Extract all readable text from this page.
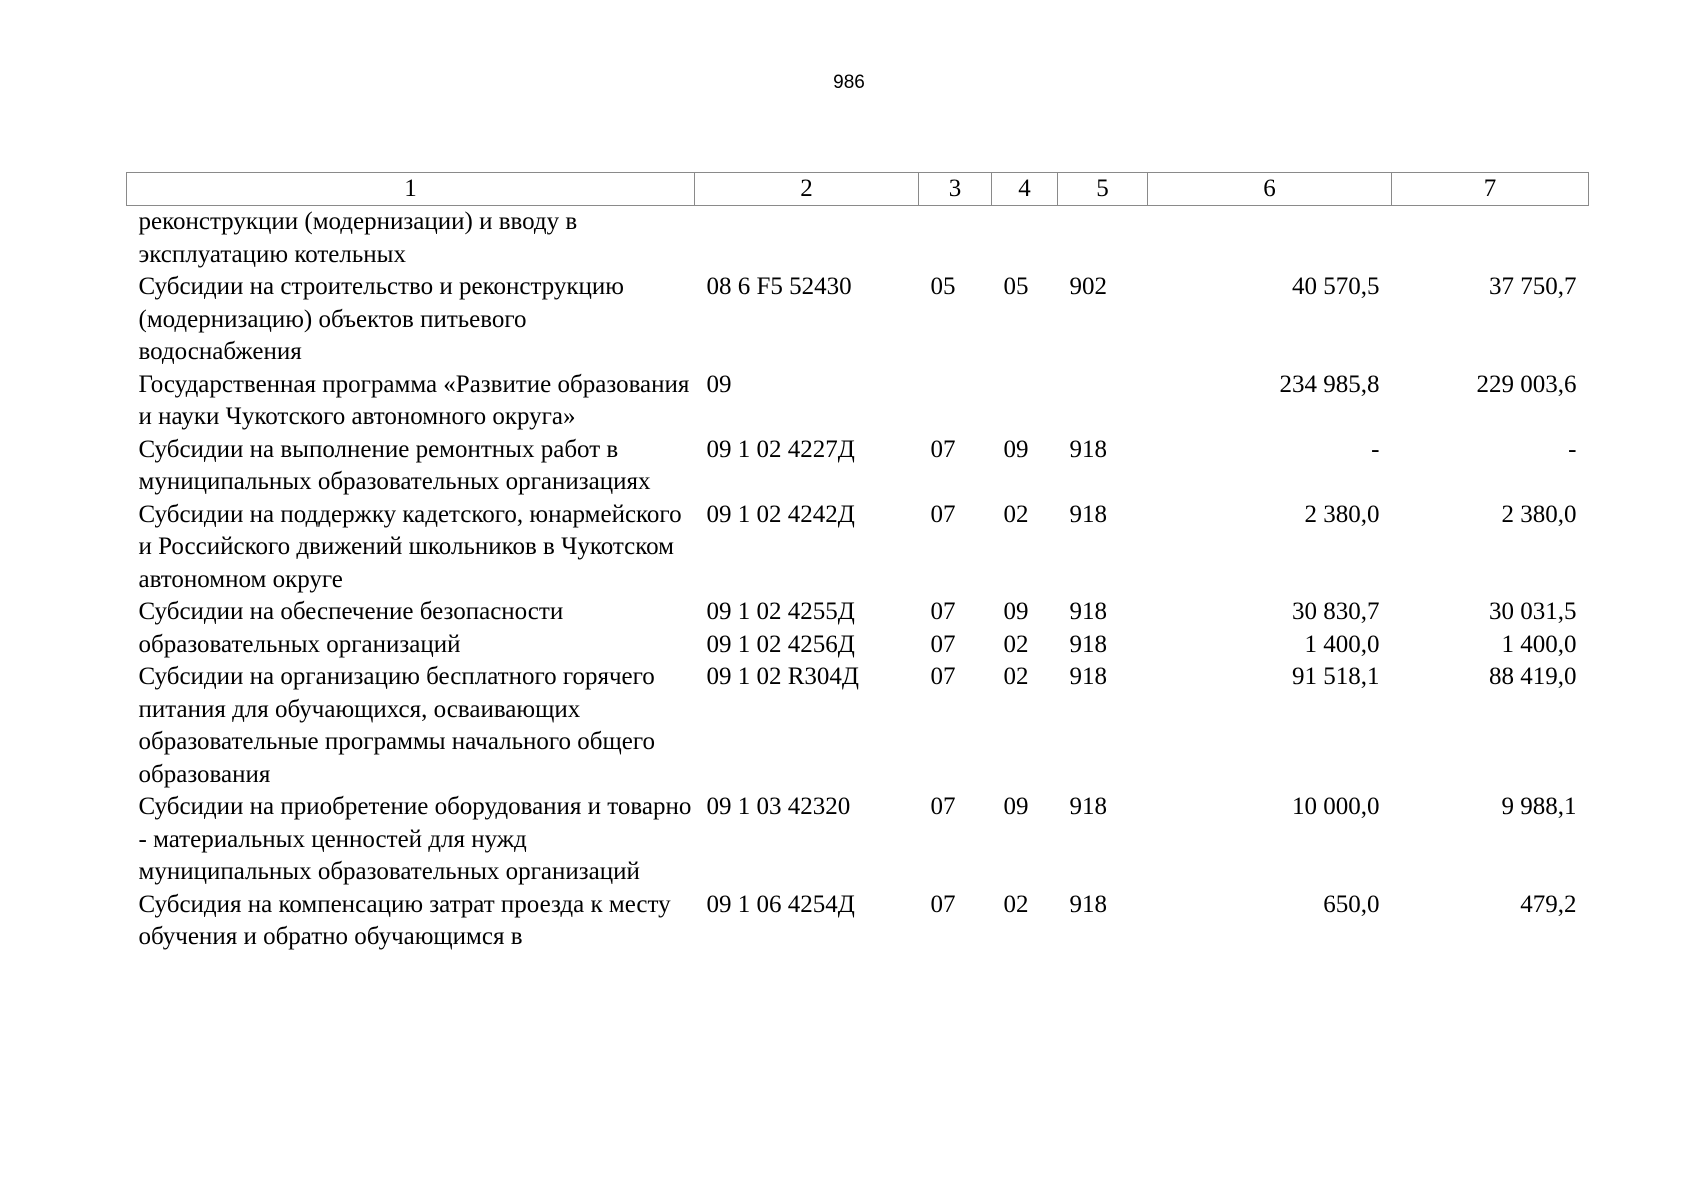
986
1	2	3	4	5	6	7
реконструкции (модернизации) и вводу в эксплуатацию котельных						
Субсидии на строительство и реконструкцию (модернизацию) объектов питьевого водоснабжения	08 6 F5 52430	05	05	902	40 570,5	37 750,7
Государственная программа «Развитие образования и науки Чукотского автономного округа»	09				234 985,8	229 003,6
Субсидии на выполнение ремонтных работ в муниципальных образовательных организациях	09 1 02 4227Д	07	09	918	-	-
Субсидии на поддержку кадетского, юнармейского и Российского движений школьников в Чукотском автономном округе	09 1 02 4242Д	07	02	918	2 380,0	2 380,0
Субсидии на обеспечение безопасности	09 1 02 4255Д	07	09	918	30 830,7	30 031,5
образовательных организаций	09 1 02 4256Д	07	02	918	1 400,0	1 400,0
Субсидии на организацию бесплатного горячего питания для обучающихся, осваивающих образовательные программы начального общего образования	09 1 02 R304Д	07	02	918	91 518,1	88 419,0
Субсидии на приобретение оборудования и товарно - материальных ценностей для нужд муниципальных образовательных организаций	09 1 03 42320	07	09	918	10 000,0	9 988,1
Субсидия на компенсацию затрат проезда к месту обучения и обратно обучающимся в	09 1 06 4254Д	07	02	918	650,0	479,2
